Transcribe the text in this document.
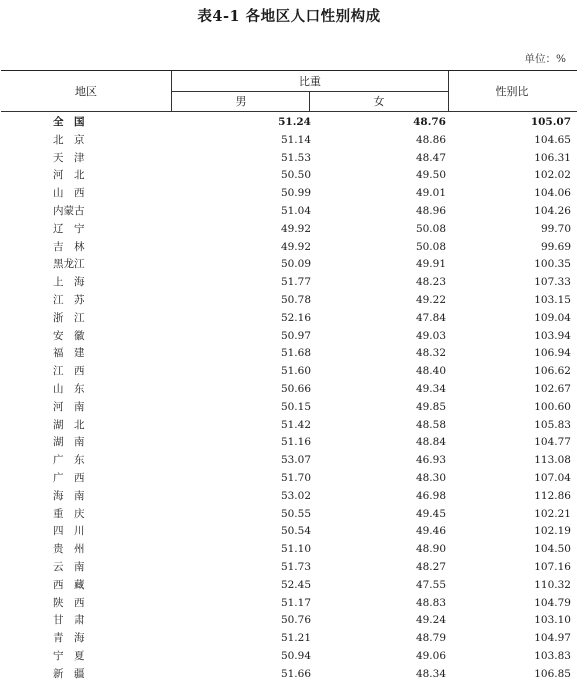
表4-1 各地区人口性别构成
单位：%
地区
比重
男	女
性别比
全　国	51.24	48.76	105.07
北　京	51.14	48.86	104.65
天　津	51.53	48.47	106.31
河　北	50.50	49.50	102.02
山　西	50.99	49.01	104.06
内蒙古	51.04	48.96	104.26
辽　宁	49.92	50.08	99.70
吉　林	49.92	50.08	99.69
黑龙江	50.09	49.91	100.35
上　海	51.77	48.23	107.33
江　苏	50.78	49.22	103.15
浙　江	52.16	47.84	109.04
安　徽	50.97	49.03	103.94
福　建	51.68	48.32	106.94
江　西	51.60	48.40	106.62
山　东	50.66	49.34	102.67
河　南	50.15	49.85	100.60
湖　北	51.42	48.58	105.83
湖　南	51.16	48.84	104.77
广　东	53.07	46.93	113.08
广　西	51.70	48.30	107.04
海　南	53.02	46.98	112.86
重　庆	50.55	49.45	102.21
四　川	50.54	49.46	102.19
贵　州	51.10	48.90	104.50
云　南	51.73	48.27	107.16
西　藏	52.45	47.55	110.32
陕　西	51.17	48.83	104.79
甘　肃	50.76	49.24	103.10
青　海	51.21	48.79	104.97
宁　夏	50.94	49.06	103.83
新　疆	51.66	48.34	106.85
